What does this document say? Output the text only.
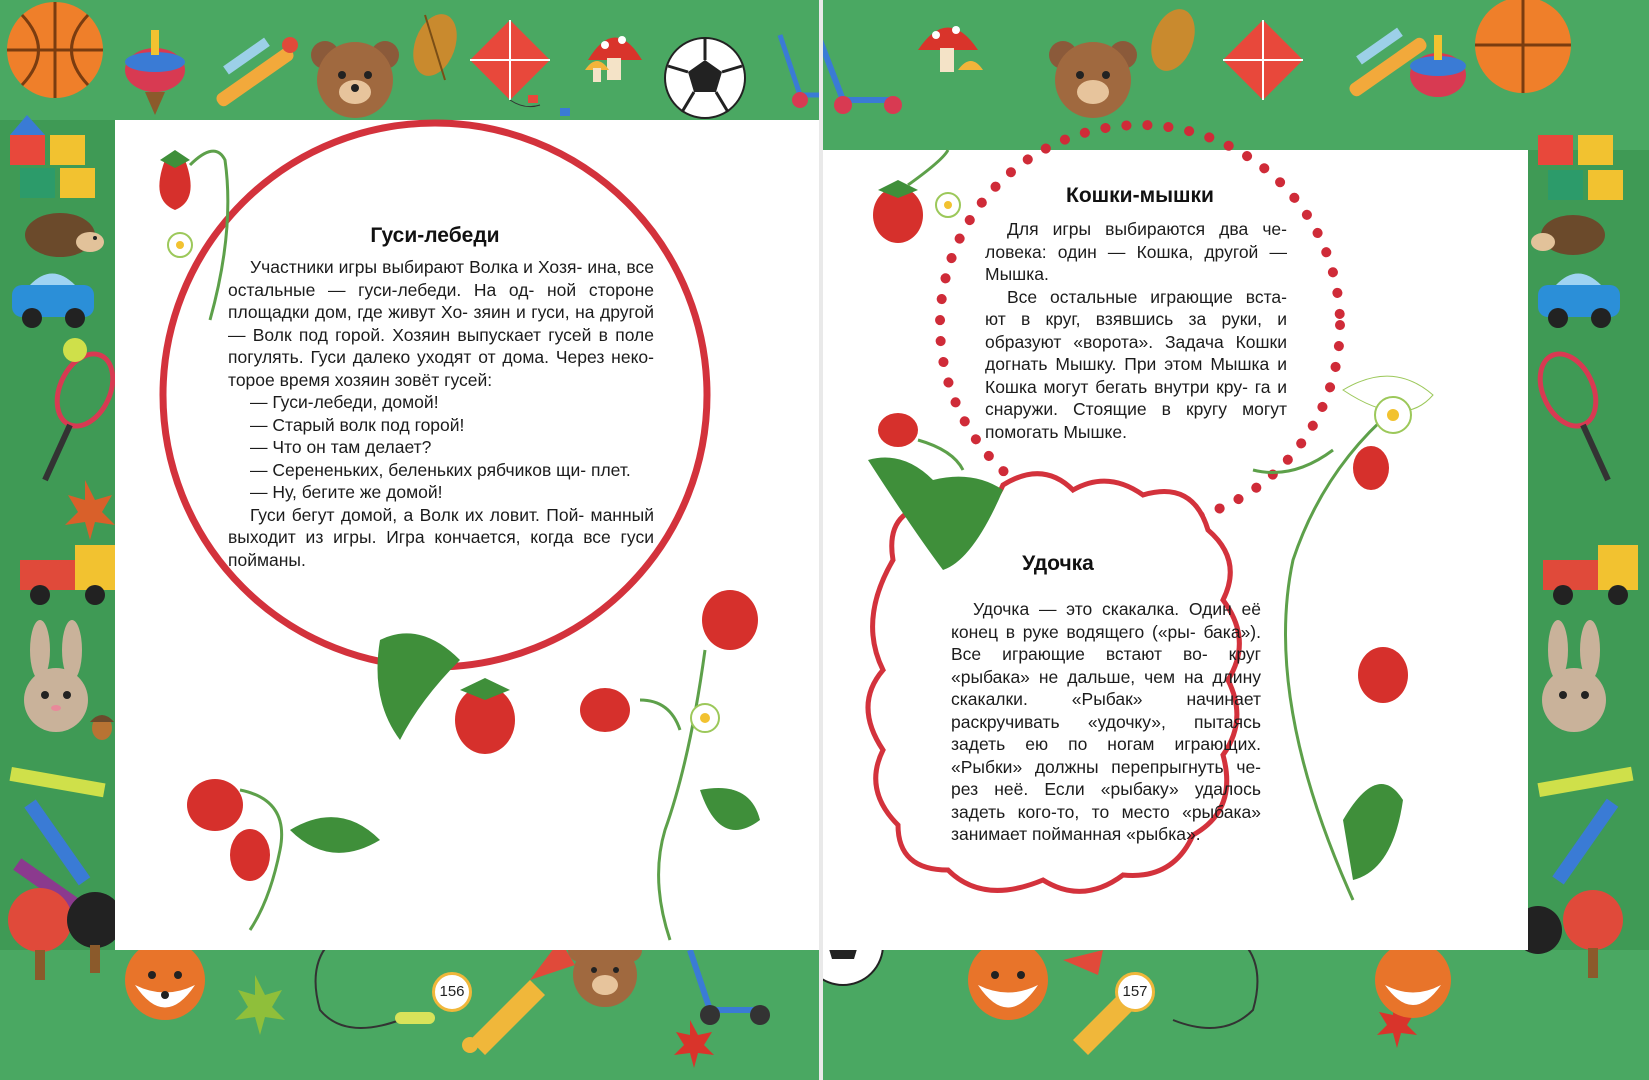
Гуси-лебеди

Участники игры выбирают Волка и Хозя- ина, все остальные — гуси-лебеди. На од- ной стороне площадки дом, где живут Хо- зяин и гуси, на другой — Волк под горой. Хозяин выпускает гусей в поле погулять. Гуси далеко уходят от дома. Через неко- торое время хозяин зовёт гусей:

— Гуси-лебеди, домой!

— Старый волк под горой!

— Что он там делает?

— Серененьких, беленьких рябчиков щи- плет.

— Ну, бегите же домой!

Гуси бегут домой, а Волк их ловит. Пой- манный выходит из игры. Игра кончается, когда все гуси пойманы.

156
Кошки-мышки

Для игры выбираются два че- ловека: один — Кошка, другой — Мышка.

Все остальные играющие вста- ют в круг, взявшись за руки, и образуют «ворота». Задача Кошки догнать Мышку. При этом Мышка и Кошка могут бегать внутри кру- га и снаружи. Стоящие в кругу могут помогать Мышке.

Удочка

Удочка — это скакалка. Один её конец в руке водящего («ры- бака»). Все играющие встают во- круг «рыбака» не дальше, чем на длину скакалки. «Рыбак» начинает раскручивать «удочку», пытаясь задеть ею по ногам играющих. «Рыбки» должны перепрыгнуть че- рез неё. Если «рыбаку» удалось задеть кого-то, то место «рыбака» занимает пойманная «рыбка».

157
